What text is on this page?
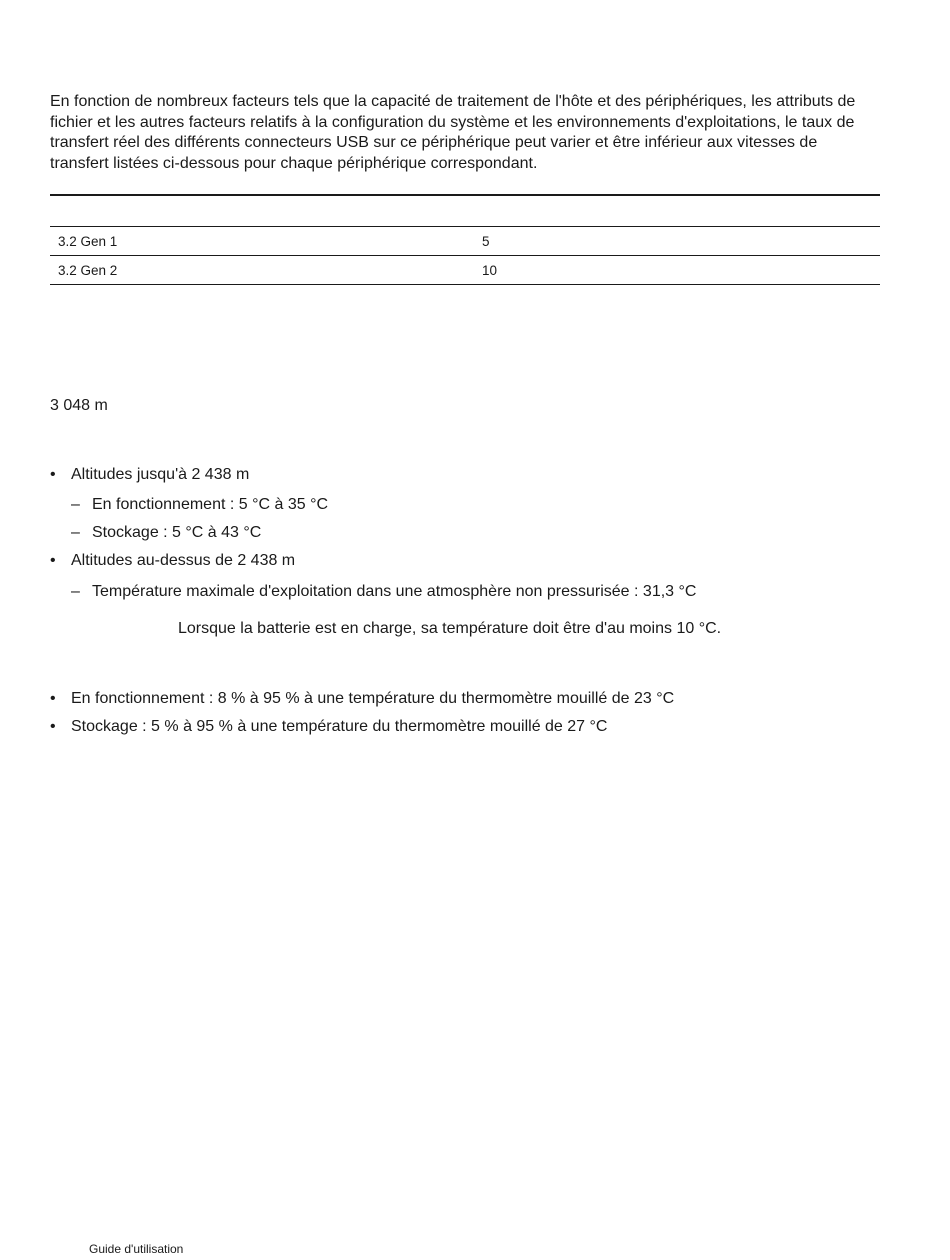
En fonction de nombreux facteurs tels que la capacité de traitement de l'hôte et des périphériques, les attributs de fichier et les autres facteurs relatifs à la configuration du système et les environnements d'exploitations, le taux de transfert réel des différents connecteurs USB sur ce périphérique peut varier et être inférieur aux vitesses de transfert listées ci-dessous pour chaque périphérique correspondant.

3.2 Gen 1	5
3.2 Gen 2	10

3 048 m

• Altitudes jusqu'à 2 438 m
– En fonctionnement : 5 °C à 35 °C
– Stockage : 5 °C à 43 °C
• Altitudes au-dessus de 2 438 m
– Température maximale d'exploitation dans une atmosphère non pressurisée : 31,3 °C

Lorsque la batterie est en charge, sa température doit être d'au moins 10 °C.

• En fonctionnement : 8 % à 95 % à une température du thermomètre mouillé de 23 °C
• Stockage : 5 % à 95 % à une température du thermomètre mouillé de 27 °C

Guide d'utilisation
